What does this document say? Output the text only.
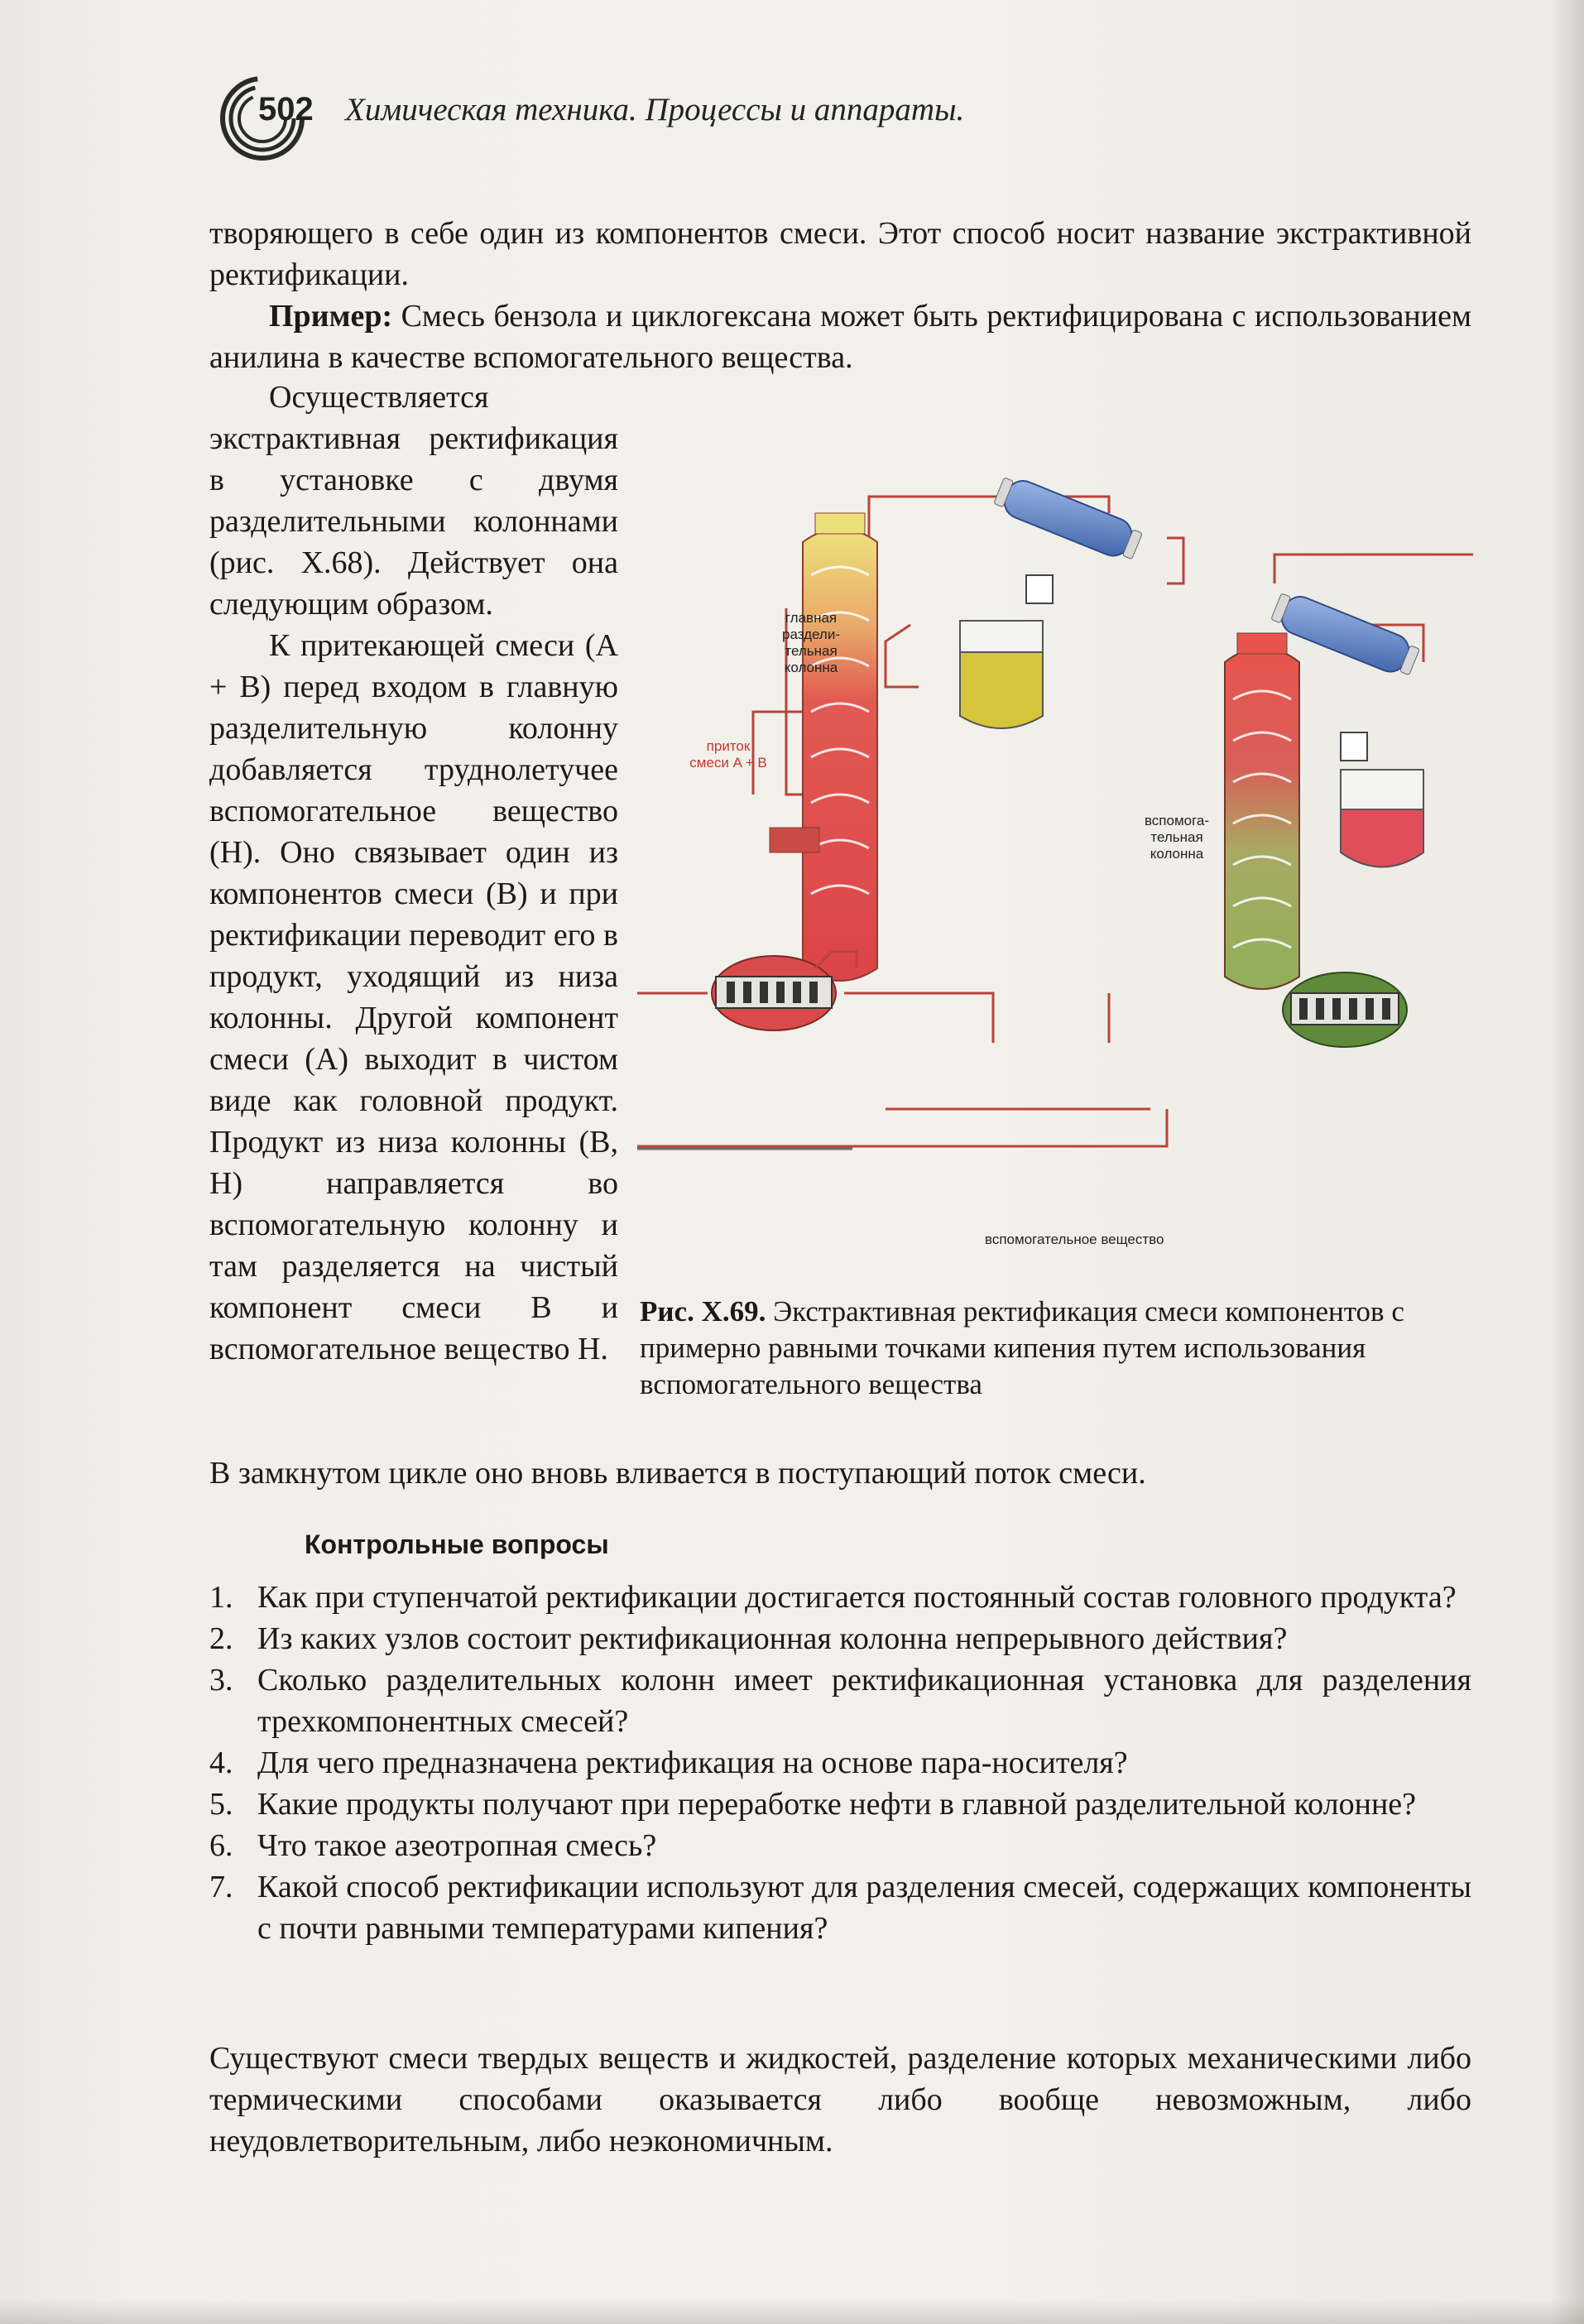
502 Химическая техника. Процессы и аппараты.
творяющего в себе один из компонентов смеси. Этот способ носит название экстрактивной ректификации.
Пример: Смесь бензола и циклогексана может быть ректифицирована с использованием анилина в качестве вспомогательного вещества.

Осуществляется экстрактивная ректификация в установке с двумя разделительными колоннами (рис. X.68). Действует она следующим образом.

К притекающей смеси (A + B) перед входом в главную разделительную колонну добавляется труднолетучее вспомогательное вещество (H). Оно связывает один из компонентов смеси (B) и при ректификации переводит его в продукт, уходящий из низа колонны. Другой компонент смеси (A) выходит в чистом виде как головной продукт. Продукт из низа колонны (B, H) направляется во вспомогательную колонну и там разделяется на чистый компонент смеси B и вспомогательное вещество H.

главная
раздели-
тельная
колонна
приток
смеси A + B
вспомога-
тельная
колонна
вспомогательное вещество
Рис. X.69. Экстрактивная ректификация смеси компонентов с примерно равными точками кипения путем использования вспомогательного вещества
В замкнутом цикле оно вновь вливается в поступающий поток смеси.
Контрольные вопросы
1. Как при ступенчатой ректификации достигается постоянный состав головного продукта?
2. Из каких узлов состоит ректификационная колонна непрерывного действия?
3. Сколько разделительных колонн имеет ректификационная установка для разделения трехкомпонентных смесей?
4. Для чего предназначена ректификация на основе пара-носителя?
5. Какие продукты получают при переработке нефти в главной разделительной колонне?
6. Что такое азеотропная смесь?
7. Какой способ ректификации используют для разделения смесей, содержащих компоненты с почти равными температурами кипения?
Существуют смеси твердых веществ и жидкостей, разделение которых механическими либо термическими способами оказывается либо вообще невозможным, либо неудовлетворительным, либо неэкономичным.
